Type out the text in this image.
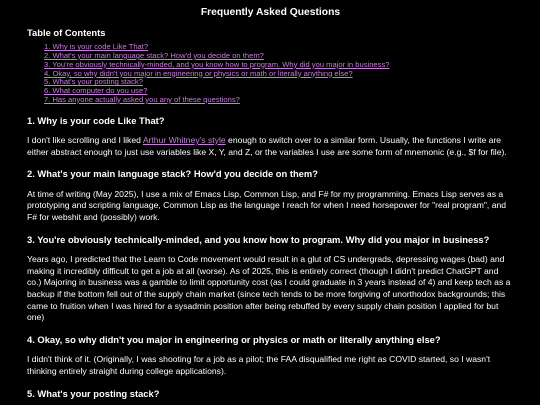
Frequently Asked Questions
Table of Contents
1. Why is your code Like That?
2. What's your main language stack? How'd you decide on them?
3. You're obviously technically-minded, and you know how to program. Why did you major in business?
4. Okay, so why didn't you major in engineering or physics or math or literally anything else?
5. What's your posting stack?
6. What computer do you use?
7. Has anyone actually asked you any of these questions?
1. Why is your code Like That?

I don't like scrolling and I liked Arthur Whitney's style enough to switch over to a similar form. Usually, the functions I write are either abstract enough to just use variables like X, Y, and Z, or the variables I use are some form of mnemonic (e.g., $f for file).

2. What's your main language stack? How'd you decide on them?

At time of writing (May 2025), I use a mix of Emacs Lisp, Common Lisp, and F# for my programming. Emacs Lisp serves as a prototyping and scripting language, Common Lisp as the language I reach for when I need horsepower for "real program", and F# for webshit and (possibly) work.

3. You're obviously technically-minded, and you know how to program. Why did you major in business?

Years ago, I predicted that the Learn to Code movement would result in a glut of CS undergrads, depressing wages (bad) and making it incredibly difficult to get a job at all (worse). As of 2025, this is entirely correct (though I didn't predict ChatGPT and co.) Majoring in business was a gamble to limit opportunity cost (as I could graduate in 3 years instead of 4) and keep tech as a backup if the bottom fell out of the supply chain market (since tech tends to be more forgiving of unorthodox backgrounds; this came to fruition when I was hired for a sysadmin position after being rebuffed by every supply chain position I applied for but one)

4. Okay, so why didn't you major in engineering or physics or math or literally anything else?

I didn't think of it. (Originally, I was shooting for a job as a pilot; the FAA disqualified me right as COVID started, so I wasn't thinking entirely straight during college applications).

5. What's your posting stack?
